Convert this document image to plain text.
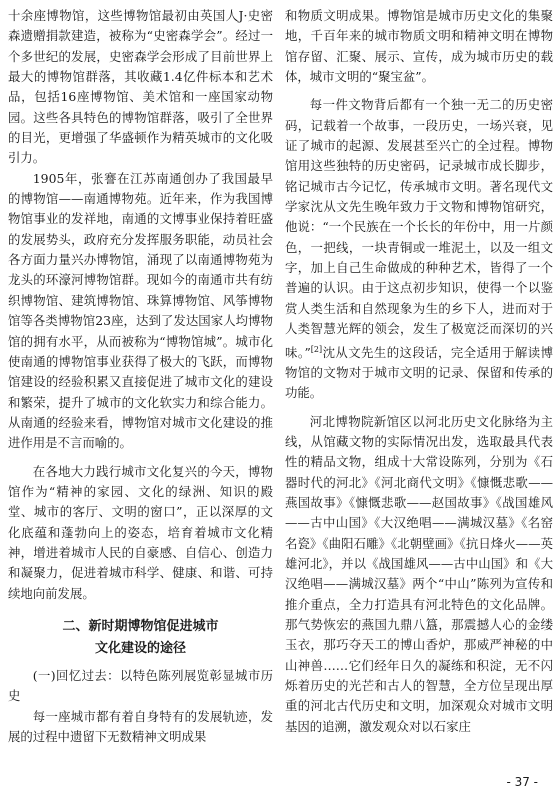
十余座博物馆，这些博物馆最初由英国人J·史密森遗赠捐款建造，被称为“史密森学会”。经过一个多世纪的发展，史密森学会形成了目前世界上最大的博物馆群落，其收藏1.4亿件标本和艺术品，包括16座博物馆、美术馆和一座国家动物园。这些各具特色的博物馆群落，吸引了全世界的目光，更增强了华盛顿作为精英城市的文化吸引力。

1905年，张謇在江苏南通创办了我国最早的博物馆——南通博物苑。近年来，作为我国博物馆事业的发祥地，南通的文博事业保持着旺盛的发展势头，政府充分发挥服务职能，动员社会各方面力量兴办博物馆，涌现了以南通博物苑为龙头的环濠河博物馆群。现如今的南通市共有纺织博物馆、建筑博物馆、珠算博物馆、风筝博物馆等各类博物馆23座，达到了发达国家人均博物馆的拥有水平，从而被称为“博物馆城”。城市化使南通的博物馆事业获得了极大的飞跃，而博物馆建设的经验积累又直接促进了城市文化的建设和繁荣，提升了城市的文化软实力和综合能力。从南通的经验来看，博物馆对城市文化建设的推进作用是不言而喻的。

在各地大力践行城市文化复兴的今天，博物馆作为“精神的家园、文化的绿洲、知识的殿堂、城市的客厅、文明的窗口”，正以深厚的文化底蕴和蓬勃向上的姿态，培育着城市文化精神，增进着城市人民的自豪感、自信心、创造力和凝聚力，促进着城市科学、健康、和谐、可持续地向前发展。

二、新时期博物馆促进城市
文化建设的途径

(一)回忆过去：以特色陈列展览彰显城市历史

每一座城市都有着自身特有的发展轨迹，发展的过程中遗留下无数精神文明成果

和物质文明成果。博物馆是城市历史文化的集聚地，千百年来的城市物质文明和精神文明在博物馆存留、汇聚、展示、宣传，成为城市历史的载体，城市文明的“聚宝盆”。

每一件文物背后都有一个独一无二的历史密码，记载着一个故事，一段历史，一场兴衰，见证了城市的起源、发展甚至兴亡的全过程。博物馆用这些独特的历史密码，记录城市成长脚步，铭记城市古今记忆，传承城市文明。著名现代文学家沈从文先生晚年致力于文物和博物馆研究，他说：“一个民族在一个长长的年份中，用一片颜色，一把线，一块青铜或一堆泥土，以及一组文字，加上自己生命做成的种种艺术，皆得了一个普遍的认识。由于这点初步知识，使得一个以鉴赏人类生活和自然现象为生的乡下人，进而对于人类智慧光辉的领会，发生了极宽泛而深切的兴味。”[2]沈从文先生的这段话，完全适用于解读博物馆的文物对于城市文明的记录、保留和传承的功能。

河北博物院新馆区以河北历史文化脉络为主线，从馆藏文物的实际情况出发，选取最具代表性的精品文物，组成十大常设陈列，分别为《石器时代的河北》《河北商代文明》《慷慨悲歌——燕国故事》《慷慨悲歌——赵国故事》《战国雄风——古中山国》《大汉绝唱——满城汉墓》《名窑名瓷》《曲阳石雕》《北朝壁画》《抗日烽火——英雄河北》，并以《战国雄风——古中山国》和《大汉绝唱——满城汉墓》两个“中山”陈列为宣传和推介重点，全力打造具有河北特色的文化品牌。那气势恢宏的燕国九鼎八簋，那震撼人心的金缕玉衣，那巧夺天工的博山香炉，那威严神秘的中山神兽……它们经年日久的凝练和积淀，无不闪烁着历史的光芒和古人的智慧，全方位呈现出厚重的河北古代历史和文明，加深观众对城市文明基因的追溯，激发观众对以石家庄

- 37 -
